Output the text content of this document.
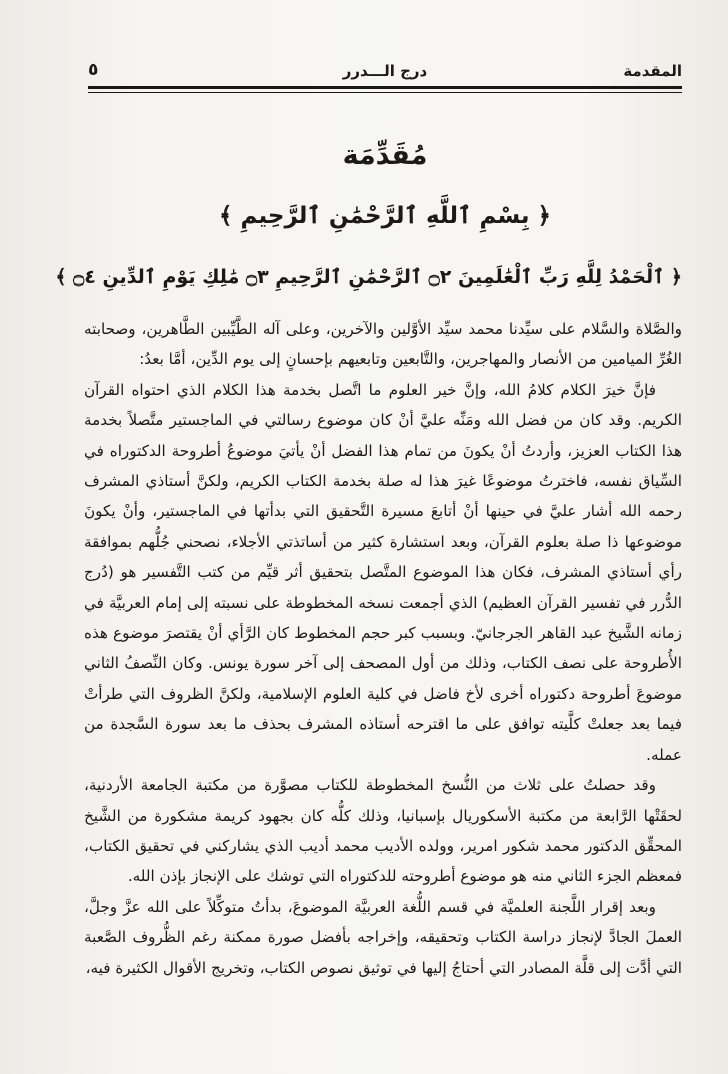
المقدمة
درج الـــدرر
٥
مُقَدِّمَة
﴿ بِسْمِ ٱللَّهِ ٱلرَّحْمَٰنِ ٱلرَّحِيمِ ﴾
﴿ ٱلْحَمْدُ لِلَّهِ رَبِّ ٱلْعَٰلَمِينَ ۝٢ ٱلرَّحْمَٰنِ ٱلرَّحِيمِ ۝٣ مَٰلِكِ يَوْمِ ٱلدِّينِ ۝٤ ﴾

والصَّلاة والسَّلام على سيِّدنا محمد سيِّد الأوَّلين والآخرين، وعلى آله الطَّيِّبين الطَّاهرين، وصحابته الغُرِّ الميامين من الأنصار والمهاجرين، والتَّابعين وتابعيهم بإحسانٍ إلى يوم الدِّين، أمَّا بعدُ:

فإنَّ خيرَ الكلام كلامُ الله، وإنَّ خير العلوم ما اتَّصل بخدمة هذا الكلام الذي احتواه القرآن الكريم. وقد كان من فضل الله ومَنِّه عليَّ أنْ كان موضوع رسالتي في الماجستير متَّصلاً بخدمة هذا الكتاب العزيز، وأردتُ أنْ يكونَ من تمام هذا الفضل أنْ يأتيَ موضوعُ أطروحة الدكتوراه في السِّياق نفسه، فاخترتُ موضوعًا غيرَ هذا له صلة بخدمة الكتاب الكريم، ولكنَّ أستاذي المشرف رحمه الله أشار عليَّ في حينها أنْ أتابعَ مسيرة التَّحقيق التي بدأتها في الماجستير، وأنْ يكونَ موضوعها ذا صلة بعلوم القرآن، وبعد استشارة كثير من أساتذتي الأجلاء، نصحني جُلُّهم بموافقة رأي أستاذي المشرف، فكان هذا الموضوع المتَّصل بتحقيق أثر قيِّم من كتب التَّفسير هو (دُرج الدُّرر في تفسير القرآن العظيم) الذي أجمعت نسخه المخطوطة على نسبته إلى إمام العربيَّة في زمانه الشَّيخ عبد القاهر الجرجانيّ. وبسبب كبر حجم المخطوط كان الرَّأي أنْ يقتصرَ موضوع هذه الأُطروحة على نصف الكتاب، وذلك من أول المصحف إلى آخر سورة يونس. وكان النِّصفُ الثاني موضوعَ أطروحة دكتوراه أخرى لأخ فاضل في كلية العلوم الإسلامية، ولكنَّ الظروف التي طرأتْ فيما بعد جعلتْ كلَّيته توافق على ما اقترحه أستاذه المشرف بحذف ما بعد سورة السَّجدة من عمله.

وقد حصلتُ على ثلاث من النُّسخ المخطوطة للكتاب مصوَّرة من مكتبة الجامعة الأردنية، لحقَتْها الرَّابعة من مكتبة الأسكوريال بإسبانيا، وذلك كلُّه كان بجهود كريمة مشكورة من الشَّيخ المحقِّق الدكتور محمد شكور امرير، وولده الأديب محمد أديب الذي يشاركني في تحقيق الكتاب، فمعظم الجزء الثاني منه هو موضوع أطروحته للدكتوراه التي توشك على الإنجاز بإذن الله.

وبعد إقرار اللَّجنة العلميَّة في قسم اللُّغة العربيَّة الموضوعَ، بدأتُ متوكِّلاً على الله عزَّ وجلَّ، العملَ الجادَّ لإنجاز دراسة الكتاب وتحقيقه، وإخراجه بأفضل صورة ممكنة رغم الظُّروف الصَّعبة التي أدَّت إلى قلَّة المصادر التي أحتاجُ إليها في توثيق نصوص الكتاب، وتخريج الأقوال الكثيرة فيه،
